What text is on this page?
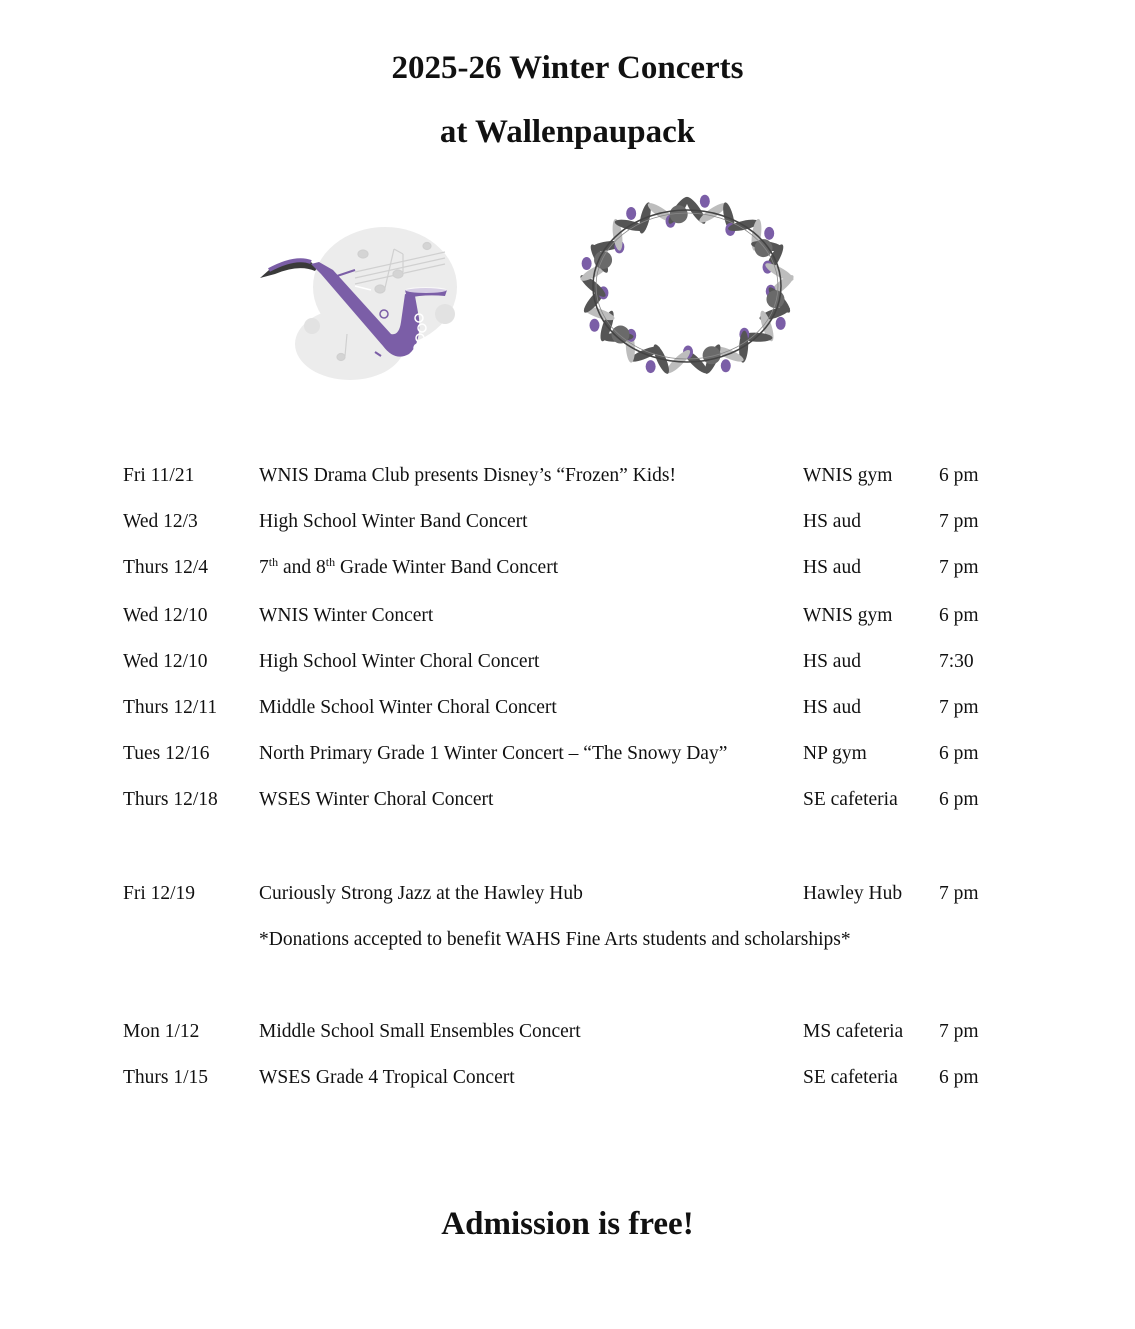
2025-26 Winter Concerts
at Wallenpaupack
Fri 11/21	WNIS Drama Club presents Disney’s “Frozen” Kids!	WNIS gym 6 pm
Wed 12/3	High School Winter Band Concert	HS aud	7 pm
Thurs 12/4	7th and 8th Grade Winter Band Concert	HS aud	7 pm
Wed 12/10	WNIS Winter Concert	WNIS gym 6 pm
Wed 12/10	High School Winter Choral Concert	HS aud	7:30
Thurs 12/11 Middle School Winter Choral Concert	HS aud	7 pm
Tues 12/16	North Primary Grade 1 Winter Concert – “The Snowy Day”	NP gym	6 pm
Thurs 12/18 WSES Winter Choral Concert	SE cafeteria 6 pm
Fri 12/19	Curiously Strong Jazz at the Hawley Hub	Hawley Hub 7 pm
*Donations accepted to benefit WAHS Fine Arts students and scholarships*
Mon 1/12	Middle School Small Ensembles Concert	MS cafeteria 7 pm
Thurs 1/15	WSES Grade 4 Tropical Concert	SE cafeteria 6 pm
Admission is free!
